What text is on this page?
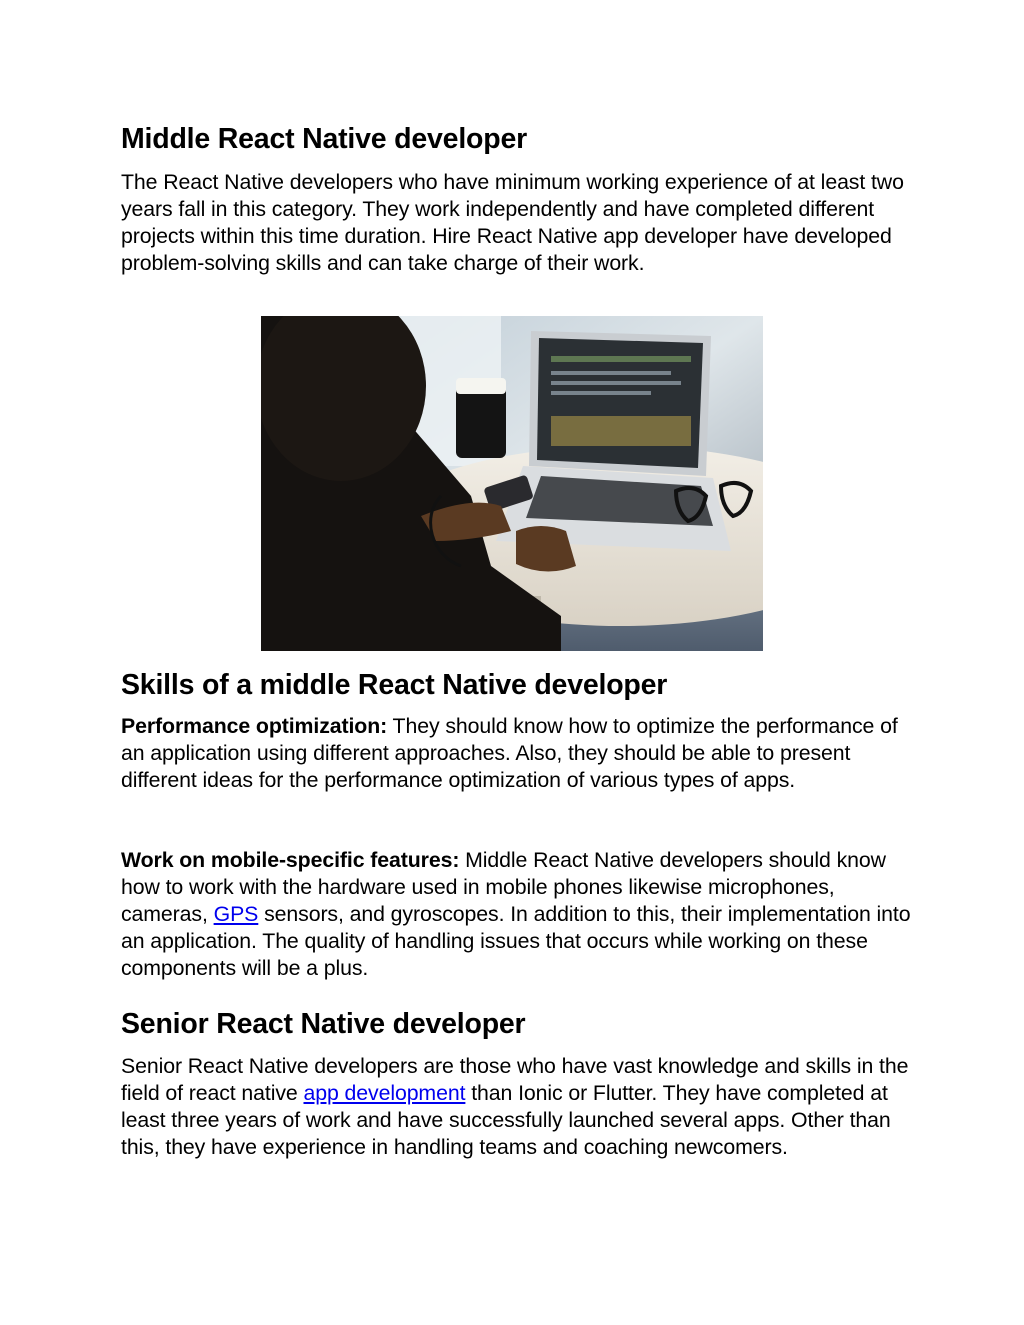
Middle React Native developer

The React Native developers who have minimum working experience of at least two years fall in this category. They work independently and have completed different projects within this time duration. Hire React Native app developer have developed problem-solving skills and can take charge of their work.

Skills of a middle React Native developer

Performance optimization: They should know how to optimize the performance of an application using different approaches. Also, they should be able to present different ideas for the performance optimization of various types of apps.

Work on mobile-specific features: Middle React Native developers should know how to work with the hardware used in mobile phones likewise microphones, cameras, GPS sensors, and gyroscopes. In addition to this, their implementation into an application. The quality of handling issues that occurs while working on these components will be a plus.

Senior React Native developer

Senior React Native developers are those who have vast knowledge and skills in the field of react native app development than Ionic or Flutter. They have completed at least three years of work and have successfully launched several apps. Other than this, they have experience in handling teams and coaching newcomers.
